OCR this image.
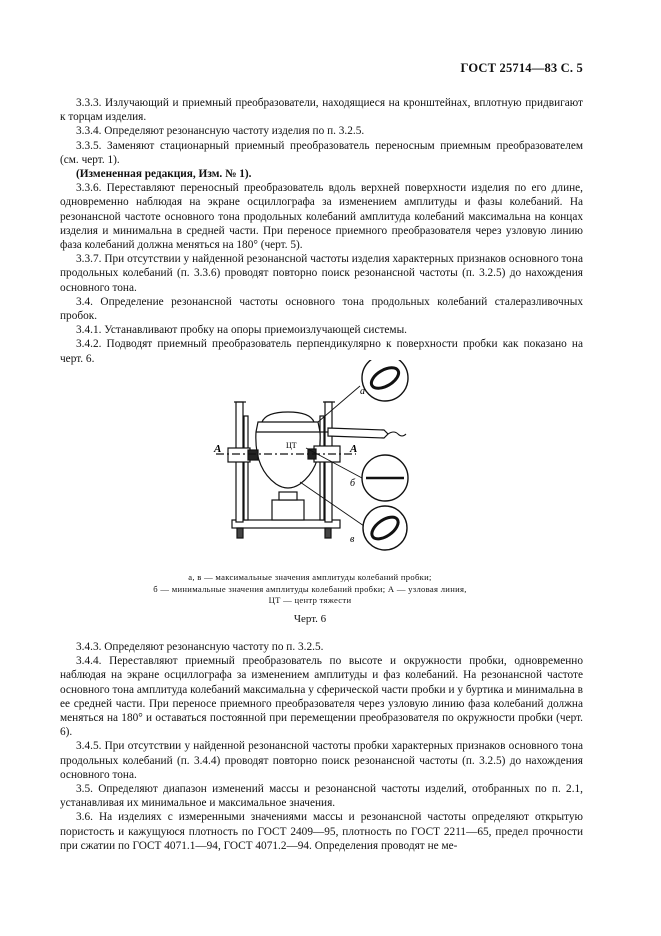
ГОСТ 25714—83 С. 5

3.3.3. Излучающий и приемный преобразователи, находящиеся на кронштейнах, вплотную придвигают к торцам изделия.

3.3.4. Определяют резонансную частоту изделия по п. 3.2.5.

3.3.5. Заменяют стационарный приемный преобразователь переносным приемным преобразователем (см. черт. 1).

(Измененная редакция, Изм. № 1).

3.3.6. Переставляют переносный преобразователь вдоль верхней поверхности изделия по его длине, одновременно наблюдая на экране осциллографа за изменением амплитуды и фазы колебаний. На резонансной частоте основного тона продольных колебаний амплитуда колебаний максимальна на концах изделия и минимальна в средней части. При переносе приемного преобразователя через узловую линию фаза колебаний должна меняться на 180° (черт. 5).

3.3.7. При отсутствии у найденной резонансной частоты изделия характерных признаков основного тона продольных колебаний (п. 3.3.6) проводят повторно поиск резонансной частоты (п. 3.2.5) до нахождения основного тона.

3.4. Определение резонансной частоты основного тона продольных колебаний сталеразливочных пробок.

3.4.1. Устанавливают пробку на опоры приемоизлучающей системы.

3.4.2. Подводят приемный преобразователь перпендикулярно к поверхности пробки как показано на черт. 6.

а
б
в
А	А
ЦТ
а, в — максимальные значения амплитуды колебаний пробки;
б — минимальные значения амплитуды колебаний пробки; А — узловая линия, ЦТ — центр тяжести
Черт. 6

3.4.3. Определяют резонансную частоту по п. 3.2.5.

3.4.4. Переставляют приемный преобразователь по высоте и окружности пробки, одновременно наблюдая на экране осциллографа за изменением амплитуды и фаз колебаний. На резонансной частоте основного тона амплитуда колебаний максимальна у сферической части пробки и у буртика и минимальна в ее средней части. При переносе приемного преобразователя через узловую линию фаза колебаний должна меняться на 180° и оставаться постоянной при перемещении преобразователя по окружности пробки (черт. 6).

3.4.5. При отсутствии у найденной резонансной частоты пробки характерных признаков основного тона продольных колебаний (п. 3.4.4) проводят повторно поиск резонансной частоты (п. 3.2.5) до нахождения основного тона.

3.5. Определяют диапазон изменений массы и резонансной частоты изделий, отобранных по п. 2.1, устанавливая их минимальное и максимальное значения.

3.6. На изделиях с измеренными значениями массы и резонансной частоты определяют открытую пористость и кажущуюся плотность по ГОСТ 2409—95, плотность по ГОСТ 2211—65, предел прочности при сжатии по ГОСТ 4071.1—94, ГОСТ 4071.2—94. Определения проводят не ме-
